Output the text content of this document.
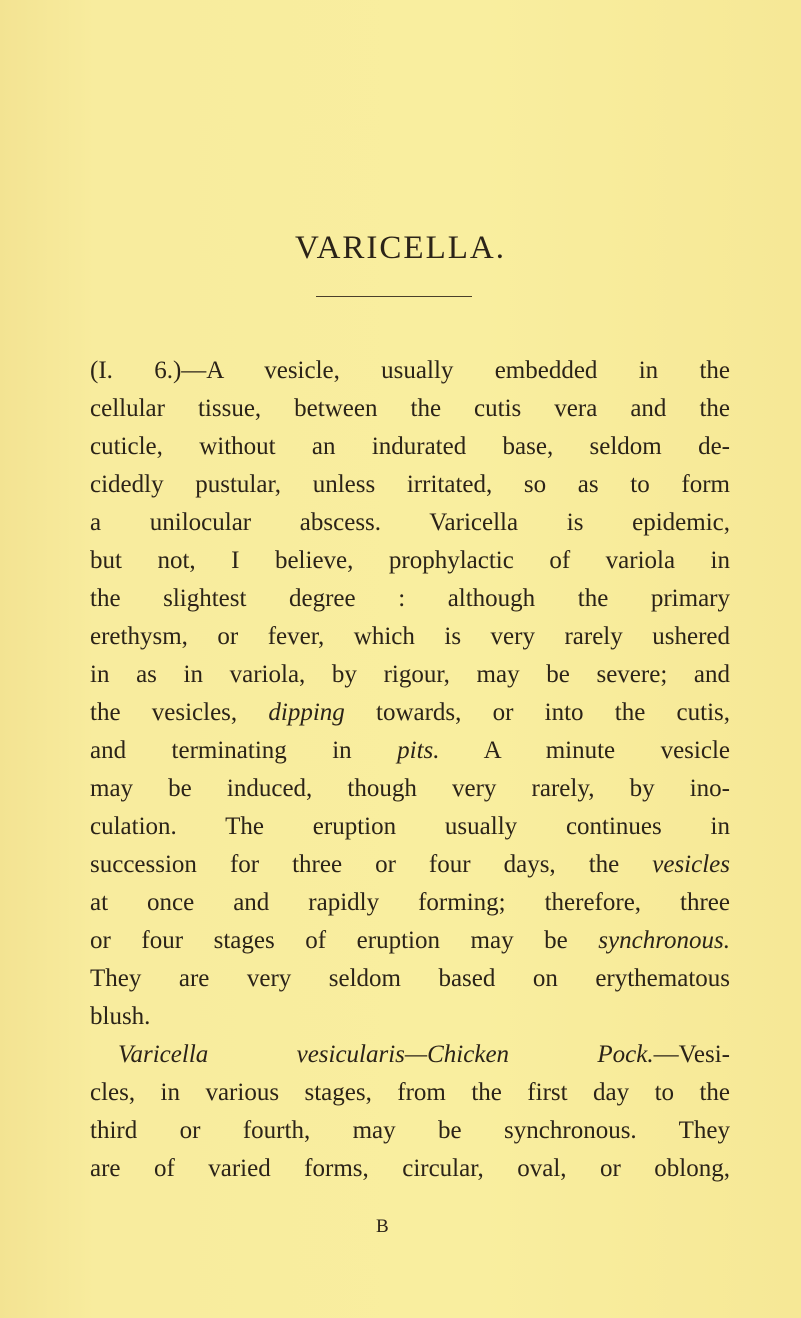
VARICELLA.
(I. 6.)—A vesicle, usually embedded in the
cellular tissue, between the cutis vera and the
cuticle, without an indurated base, seldom de-
cidedly pustular, unless irritated, so as to form
a unilocular abscess. Varicella is epidemic,
but not, I believe, prophylactic of variola in
the slightest degree : although the primary
erethysm, or fever, which is very rarely ushered
in as in variola, by rigour, may be severe; and
the vesicles, dipping towards, or into the cutis,
and terminating in pits. A minute vesicle
may be induced, though very rarely, by ino-
culation. The eruption usually continues in
succession for three or four days, the vesicles
at once and rapidly forming; therefore, three
or four stages of eruption may be synchronous.
They are very seldom based on erythematous
blush.
Varicella vesicularis—Chicken Pock.—Vesi-
cles, in various stages, from the first day to the
third or fourth, may be synchronous. They
are of varied forms, circular, oval, or oblong,
B
